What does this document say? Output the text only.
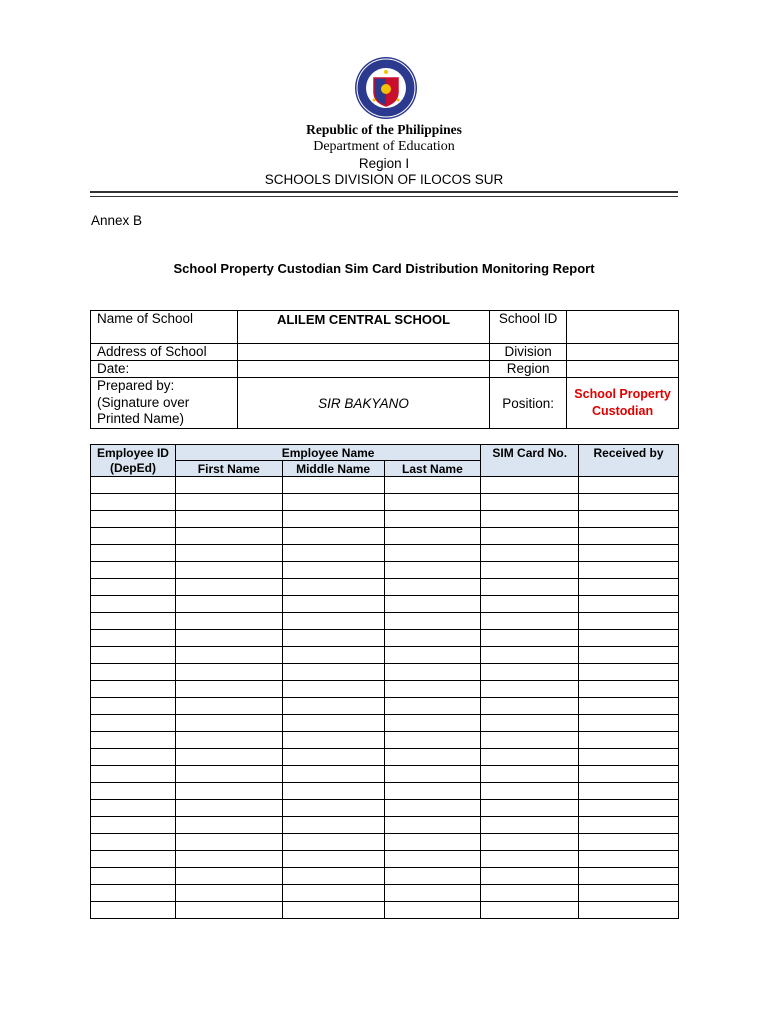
Republic of the Philippines
Department of Education
Region I
SCHOOLS DIVISION OF ILOCOS SUR
Annex B
School Property Custodian Sim Card Distribution Monitoring Report
Name of School	ALILEM CENTRAL SCHOOL	School ID	
Address of School		Division	
Date:		Region	

Prepared by:
(Signature over
Printed Name)	SIR BAKYANO	Position:	School Property Custodian
Employee ID (DepEd)	Employee Name			SIM Card No.	Received by
	First Name	Middle Name	Last Name		
